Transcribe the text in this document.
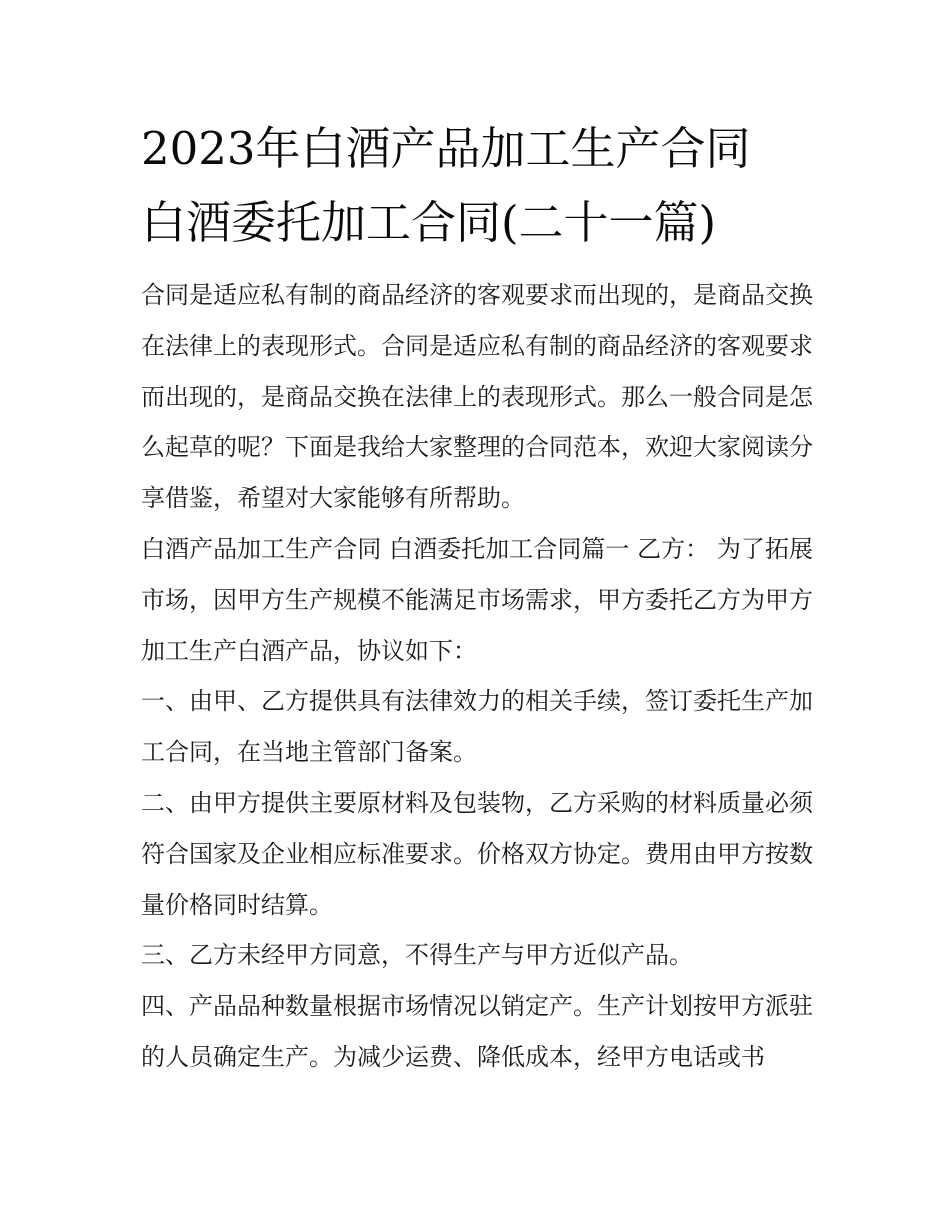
2023年白酒产品加工生产合同
白酒委托加工合同(二十一篇)

合同是适应私有制的商品经济的客观要求而出现的，是商品交换在法律上的表现形式。合同是适应私有制的商品经济的客观要求而出现的，是商品交换在法律上的表现形式。那么一般合同是怎么起草的呢？下面是我给大家整理的合同范本，欢迎大家阅读分享借鉴，希望对大家能够有所帮助。

白酒产品加工生产合同 白酒委托加工合同篇一 乙方： 为了拓展市场，因甲方生产规模不能满足市场需求，甲方委托乙方为甲方加工生产白酒产品，协议如下：

一、由甲、乙方提供具有法律效力的相关手续，签订委托生产加工合同，在当地主管部门备案。

二、由甲方提供主要原材料及包装物，乙方采购的材料质量必须符合国家及企业相应标准要求。价格双方协定。费用由甲方按数量价格同时结算。

三、乙方未经甲方同意，不得生产与甲方近似产品。

四、产品品种数量根据市场情况以销定产。生产计划按甲方派驻的人员确定生产。为减少运费、降低成本，经甲方电话或书
